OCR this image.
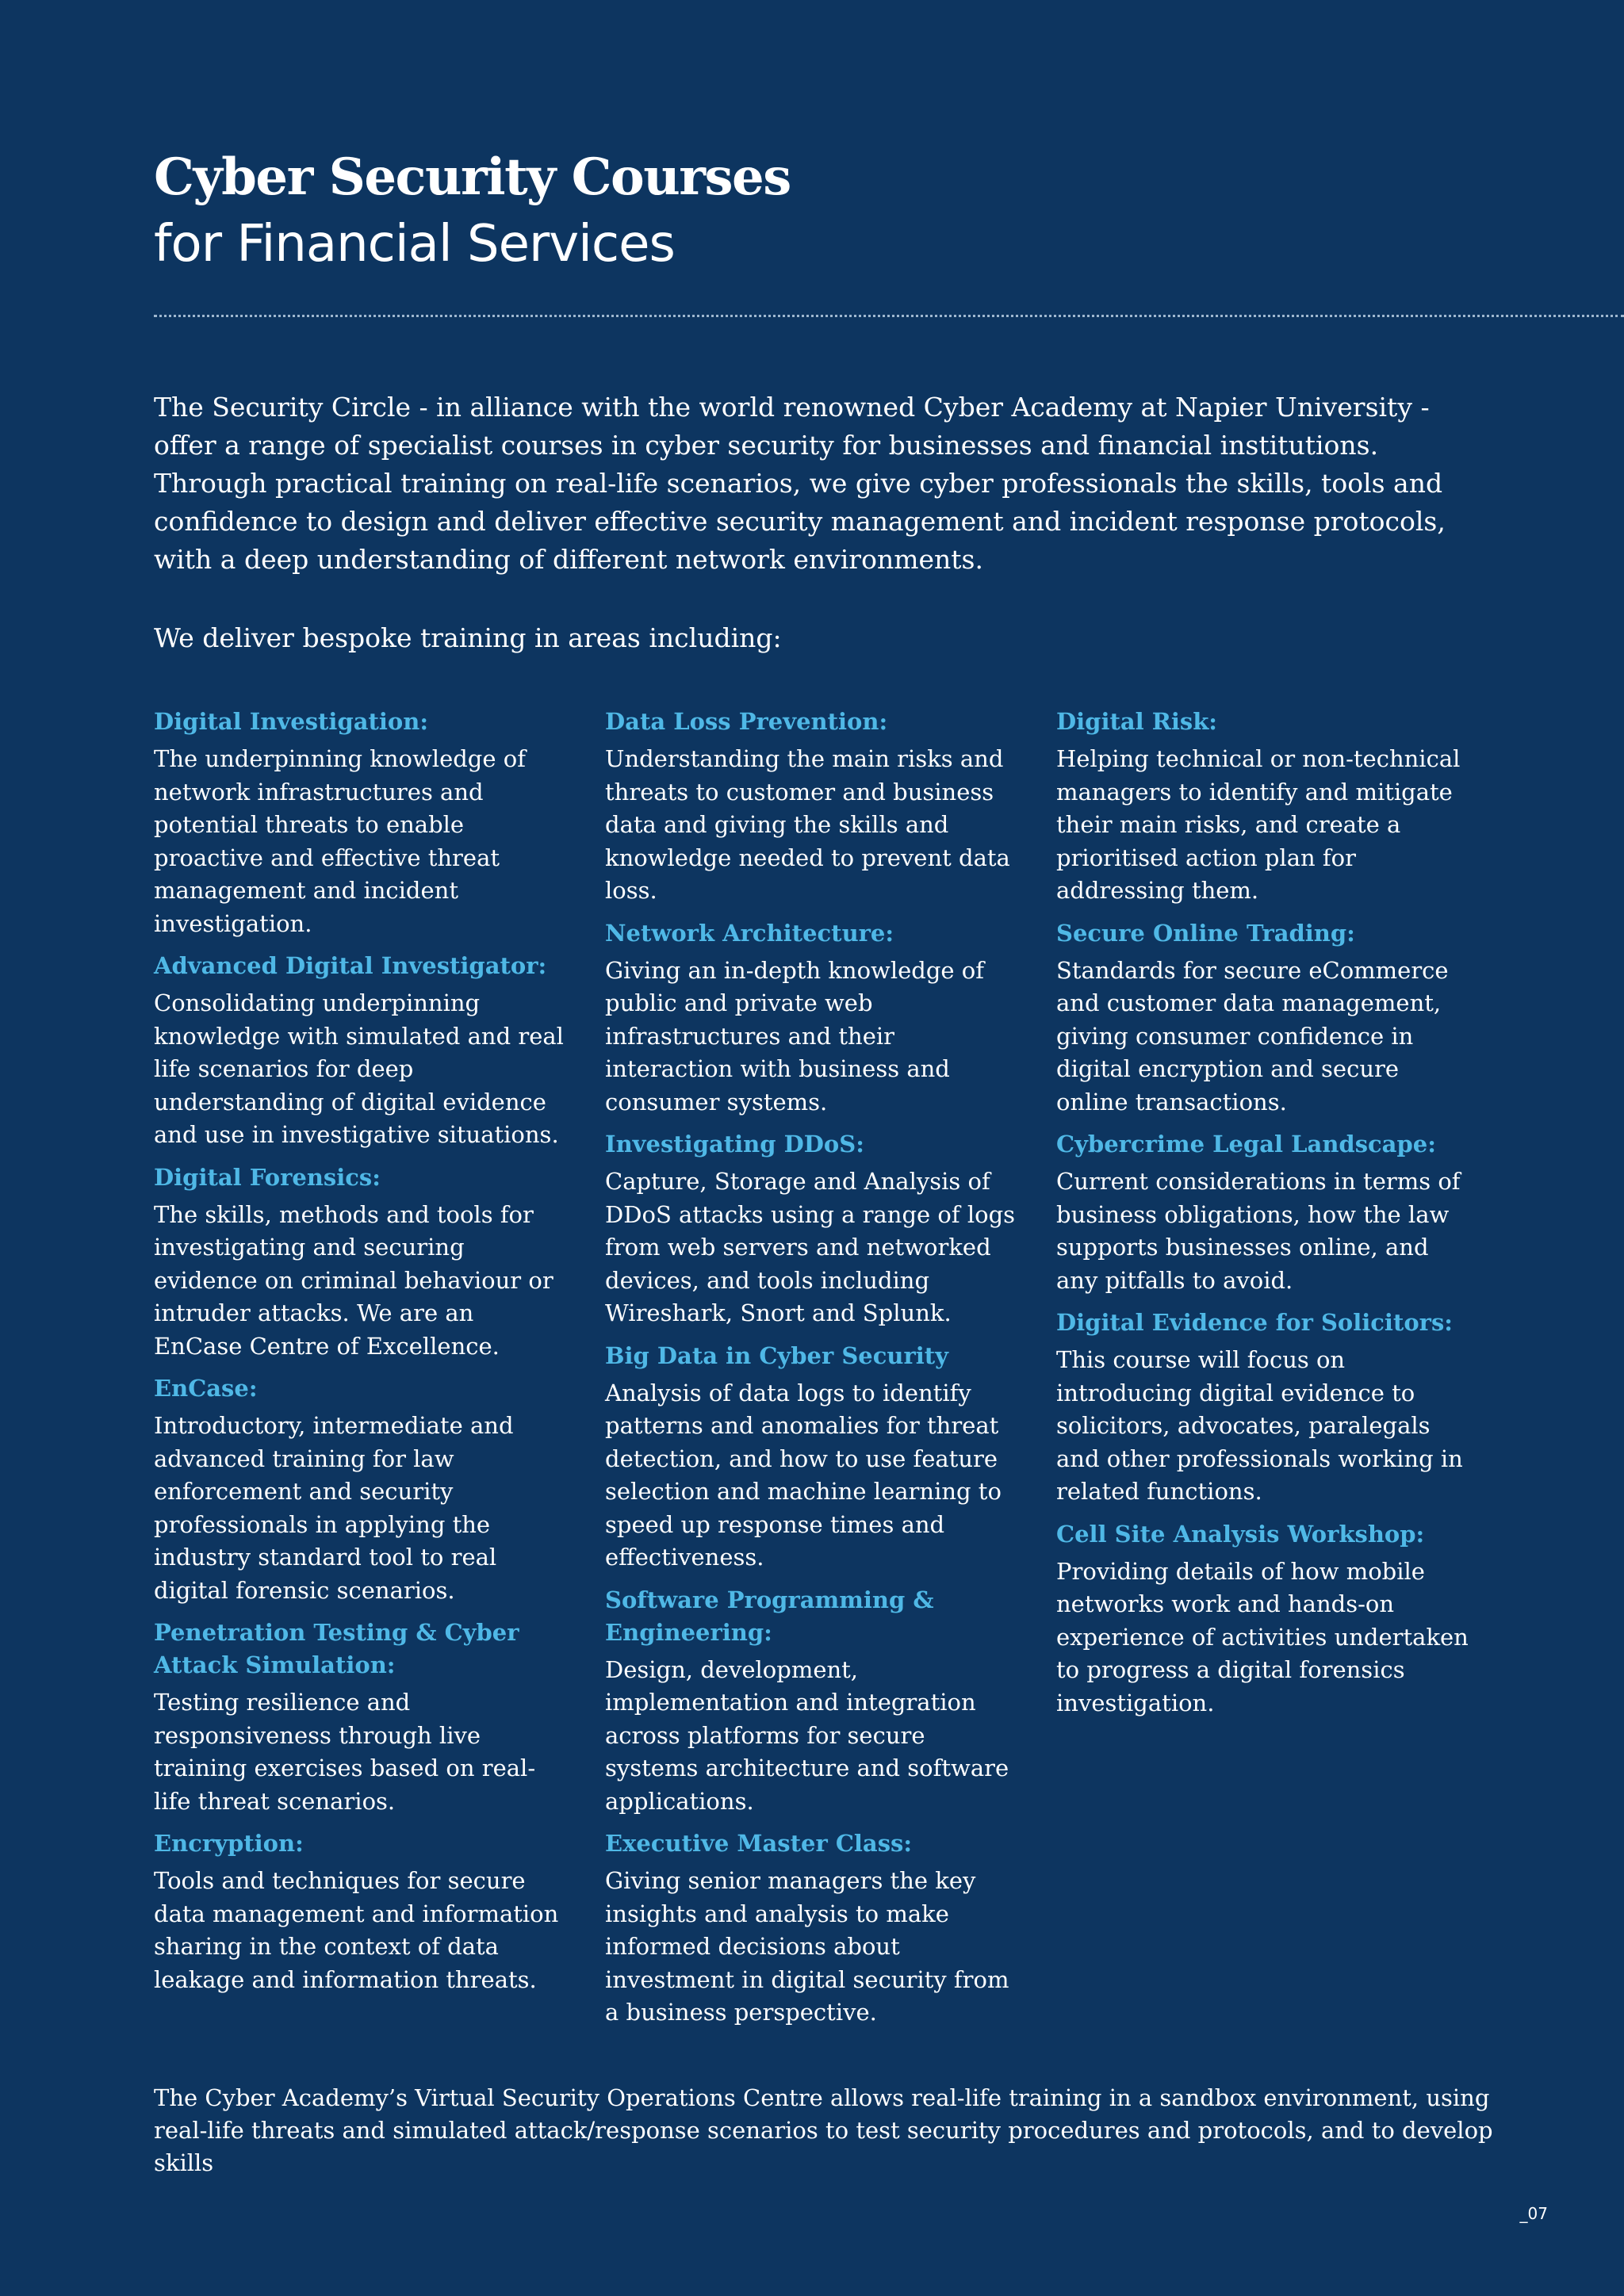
Cyber Security Courses
for Financial Services

The Security Circle - in alliance with the world renowned Cyber Academy at Napier University - offer a range of specialist courses in cyber security for businesses and financial institutions. Through practical training on real-life scenarios, we give cyber professionals the skills, tools and confidence to design and deliver effective security management and incident response protocols, with a deep understanding of different network environments.

We deliver bespoke training in areas including:

Digital Investigation:

The underpinning knowledge of network infrastructures and potential threats to enable proactive and effective threat management and incident investigation.

Advanced Digital Investigator:

Consolidating underpinning knowledge with simulated and real life scenarios for deep understanding of digital evidence and use in investigative situations.

Digital Forensics:

The skills, methods and tools for investigating and securing evidence on criminal behaviour or intruder attacks. We are an EnCase Centre of Excellence.

EnCase:

Introductory, intermediate and advanced training for law enforcement and security professionals in applying the industry standard tool to real digital forensic scenarios.

Penetration Testing & Cyber Attack Simulation:

Testing resilience and responsiveness through live training exercises based on real-life threat scenarios.

Encryption:

Tools and techniques for secure data management and information sharing in the context of data leakage and information threats.

Data Loss Prevention:

Understanding the main risks and threats to customer and business data and giving the skills and knowledge needed to prevent data loss.

Network Architecture:

Giving an in-depth knowledge of public and private web infrastructures and their interaction with business and consumer systems.

Investigating DDoS:

Capture, Storage and Analysis of DDoS attacks using a range of logs from web servers and networked devices, and tools including Wireshark, Snort and Splunk.

Big Data in Cyber Security

Analysis of data logs to identify patterns and anomalies for threat detection, and how to use feature selection and machine learning to speed up response times and effectiveness.

Software Programming & Engineering:

Design, development, implementation and integration across platforms for secure systems architecture and software applications.

Executive Master Class:

Giving senior managers the key insights and analysis to make informed decisions about investment in digital security from a business perspective.

Digital Risk:

Helping technical or non-technical managers to identify and mitigate their main risks, and create a prioritised action plan for addressing them.

Secure Online Trading:

Standards for secure eCommerce and customer data management, giving consumer confidence in digital encryption and secure online transactions.

Cybercrime Legal Landscape:

Current considerations in terms of business obligations, how the law supports businesses online, and any pitfalls to avoid.

Digital Evidence for Solicitors:

This course will focus on introducing digital evidence to solicitors, advocates, paralegals and other professionals working in related functions.

Cell Site Analysis Workshop:

Providing details of how mobile networks work and hands-on experience of activities undertaken to progress a digital forensics investigation.

The Cyber Academy’s Virtual Security Operations Centre allows real-life training in a sandbox environment, using real-life threats and simulated attack/response scenarios to test security procedures and protocols, and to develop skills

_07
